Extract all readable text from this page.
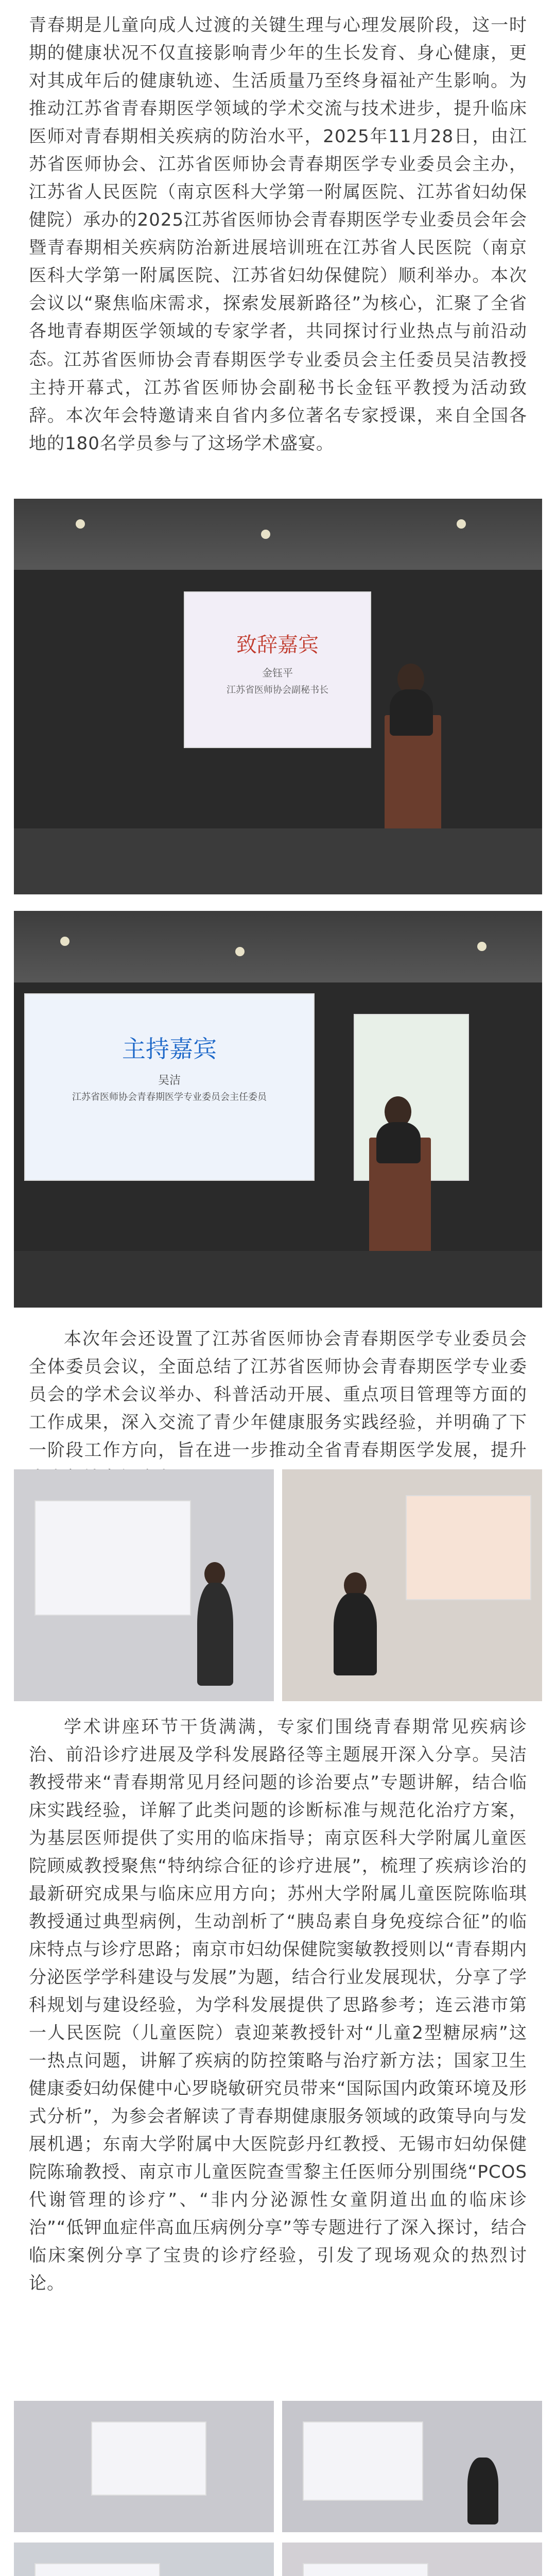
青春期是儿童向成人过渡的关键生理与心理发展阶段，这一时期的健康状况不仅直接影响青少年的生长发育、身心健康，更对其成年后的健康轨迹、生活质量乃至终身福祉产生影响。为推动江苏省青春期医学领域的学术交流与技术进步，提升临床医师对青春期相关疾病的防治水平，2025年11月28日，由江苏省医师协会、江苏省医师协会青春期医学专业委员会主办，江苏省人民医院（南京医科大学第一附属医院、江苏省妇幼保健院）承办的2025江苏省医师协会青春期医学专业委员会年会暨青春期相关疾病防治新进展培训班在江苏省人民医院（南京医科大学第一附属医院、江苏省妇幼保健院）顺利举办。本次会议以“聚焦临床需求，探索发展新路径”为核心，汇聚了全省各地青春期医学领域的专家学者，共同探讨行业热点与前沿动态。

江苏省医师协会青春期医学专业委员会主任委员吴洁教授主持开幕式，江苏省医师协会副秘书长金钰平教授为活动致辞。本次年会特邀请来自省内多位著名专家授课，来自全国各地的180名学员参与了这场学术盛宴。

致辞嘉宾
金钰平
江苏省医师协会副秘书长
主持嘉宾
吴洁
江苏省医师协会青春期医学专业委员会主任委员

本次年会还设置了江苏省医师协会青春期医学专业委员会全体委员会议，全面总结了江苏省医师协会青春期医学专业委员会的学术会议举办、科普活动开展、重点项目管理等方面的工作成果，深入交流了青少年健康服务实践经验，并明确了下一阶段工作方向，旨在进一步推动全省青春期医学发展，提升

学术讲座环节干货满满，专家们围绕青春期常见疾病诊治、前沿诊疗进展及学科发展路径等主题展开深入分享。吴洁教授带来“青春期常见月经问题的诊治要点”专题讲解，结合临床实践经验，详解了此类问题的诊断标准与规范化治疗方案，为基层医师提供了实用的临床指导；南京医科大学附属儿童医院顾威教授聚焦“特纳综合征的诊疗进展”，梳理了疾病诊治的最新研究成果与临床应用方向；苏州大学附属儿童医院陈临琪教授通过典型病例，生动剖析了“胰岛素自身免疫综合征”的临床特点与诊疗思路；南京市妇幼保健院窦敏教授则以“青春期内分泌医学学科建设与发展”为题，结合行业发展现状，分享了学科规划与建设经验，为学科发展提供了思路参考；连云港市第一人民医院（儿童医院）袁迎莱教授针对“儿童2型糖尿病”这一热点问题，讲解了疾病的防控策略与治疗新方法；国家卫生健康委妇幼保健中心罗晓敏研究员带来“国际国内政策环境及形式分析”，为参会者解读了青春期健康服务领域的政策导向与发展机遇；东南大学附属中大医院彭丹红教授、无锡市妇幼保健院陈瑜教授、南京市儿童医院查雪黎主任医师分别围绕“PCOS代谢管理的诊疗”、“非内分泌源性女童阴道出血的临床诊治”“低钾血症伴高血压病例分享”等专题进行了深入探讨，结合临床案例分享了宝贵的诊疗经验，引发了现场观众的热烈讨论。
